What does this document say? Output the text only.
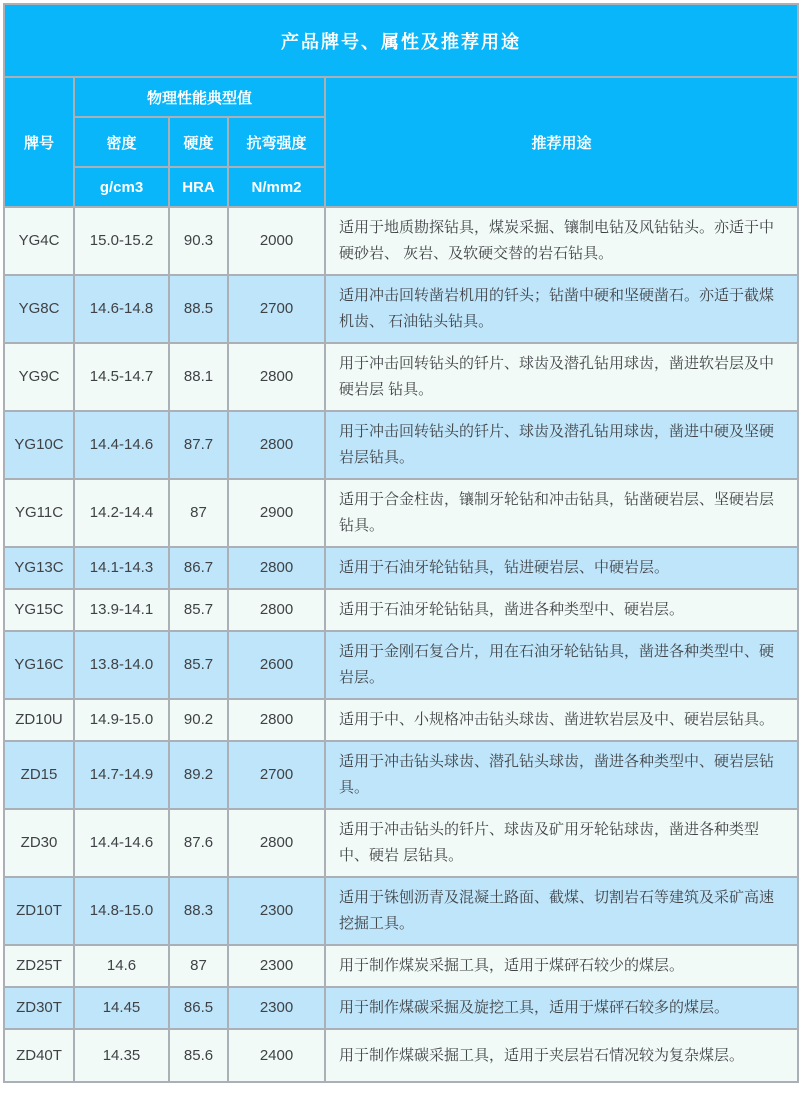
产品牌号、属性及推荐用途				
牌号	物理性能典型值			推荐用途
	密度	硬度	抗弯强度	
	g/cm3	HRA	N/mm2	
YG4C	15.0-15.2	90.3	2000	适用于地质勘探钻具，煤炭采掘、镶制电钻及风钻钻头。亦适于中硬砂岩、 灰岩、及软硬交替的岩石钻具。
YG8C	14.6-14.8	88.5	2700	适用冲击回转凿岩机用的钎头；钻凿中硬和坚硬凿石。亦适于截煤机齿、 石油钻头钻具。
YG9C	14.5-14.7	88.1	2800	用于冲击回转钻头的钎片、球齿及潜孔钻用球齿，凿进软岩层及中硬岩层 钻具。
YG10C	14.4-14.6	87.7	2800	用于冲击回转钻头的钎片、球齿及潜孔钻用球齿，凿进中硬及坚硬岩层钻具。
YG11C	14.2-14.4	87	2900	适用于合金柱齿，镶制牙轮钻和冲击钻具，钻凿硬岩层、坚硬岩层钻具。
YG13C	14.1-14.3	86.7	2800	适用于石油牙轮钻钻具，钻进硬岩层、中硬岩层。
YG15C	13.9-14.1	85.7	2800	适用于石油牙轮钻钻具，凿进各种类型中、硬岩层。
YG16C	13.8-14.0	85.7	2600	适用于金刚石复合片，用在石油牙轮钻钻具，凿进各种类型中、硬岩层。
ZD10U	14.9-15.0	90.2	2800	适用于中、小规格冲击钻头球齿、凿进软岩层及中、硬岩层钻具。
ZD15	14.7-14.9	89.2	2700	适用于冲击钻头球齿、潜孔钻头球齿，凿进各种类型中、硬岩层钻具。
ZD30	14.4-14.6	87.6	2800	适用于冲击钻头的钎片、球齿及矿用牙轮钻球齿，凿进各种类型中、硬岩 层钻具。
ZD10T	14.8-15.0	88.3	2300	适用于铢刨沥青及混凝土路面、截煤、切割岩石等建筑及采矿高速挖掘工具。
ZD25T	14.6	87	2300	用于制作煤炭采掘工具，适用于煤砰石较少的煤层。
ZD30T	14.45	86.5	2300	用于制作煤碳采掘及旋挖工具，适用于煤砰石较多的煤层。
ZD40T	14.35	85.6	2400	用于制作煤碳采掘工具，适用于夹层岩石情况较为复杂煤层。
